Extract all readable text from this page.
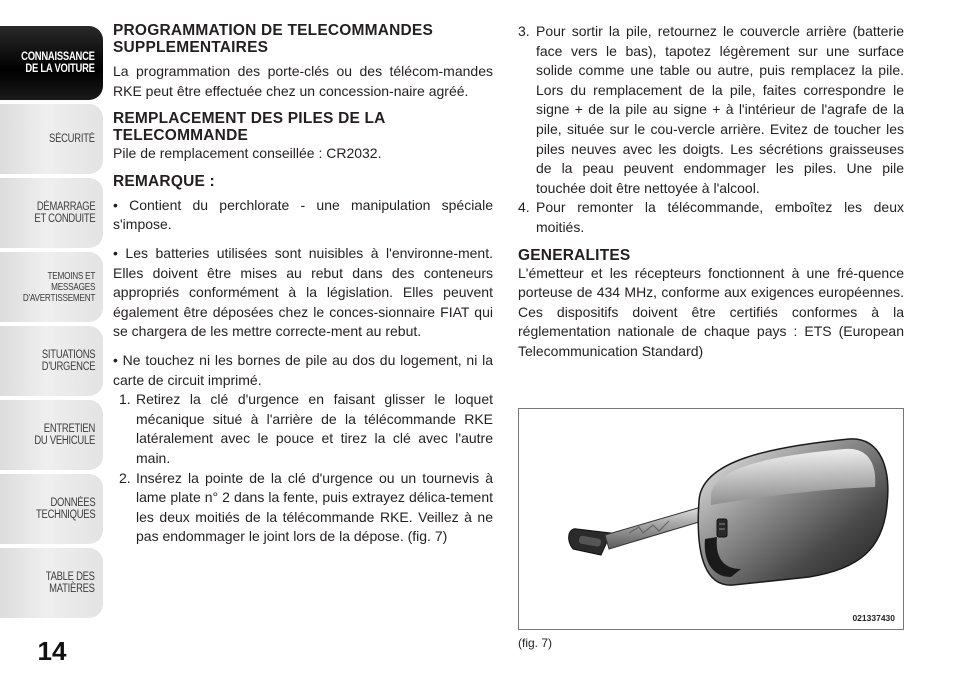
CONNAISSANCE
DE LA VOITURE
SÉCURITÉ
DÉMARRAGE
ET CONDUITE
TEMOINS ET
MESSAGES
D'AVERTISSEMENT
SITUATIONS
D'URGENCE
ENTRETIEN
DU VEHICULE
DONNÉES
TECHNIQUES
TABLE DES
MATIÈRES
14
PROGRAMMATION DE TELECOMMANDES SUPPLEMENTAIRES

La programmation des porte-clés ou des télécom-mandes RKE peut être effectuée chez un concession-naire agréé.

REMPLACEMENT DES PILES DE LA TELECOMMANDE

Pile de remplacement conseillée : CR2032.

REMARQUE :

• Contient du perchlorate - une manipulation spéciale s'impose.

• Les batteries utilisées sont nuisibles à l'environne-ment. Elles doivent être mises au rebut dans des conteneurs appropriés conformément à la législation. Elles peuvent également être déposées chez le conces-sionnaire FIAT qui se chargera de les mettre correcte-ment au rebut.

• Ne touchez ni les bornes de pile au dos du logement, ni la carte de circuit imprimé.

1. Retirez la clé d'urgence en faisant glisser le loquet mécanique situé à l'arrière de la télécommande RKE latéralement avec le pouce et tirez la clé avec l'autre main.
2. Insérez la pointe de la clé d'urgence ou un tournevis à lame plate n° 2 dans la fente, puis extrayez délica-tement les deux moitiés de la télécommande RKE. Veillez à ne pas endommager le joint lors de la dépose. (fig. 7)
3. Pour sortir la pile, retournez le couvercle arrière (batterie face vers le bas), tapotez légèrement sur une surface solide comme une table ou autre, puis remplacez la pile. Lors du remplacement de la pile, faites correspondre le signe + de la pile au signe + à l'intérieur de l'agrafe de la pile, située sur le cou-vercle arrière. Evitez de toucher les piles neuves avec les doigts. Les sécrétions graisseuses de la peau peuvent endommager les piles. Une pile touchée doit être nettoyée à l'alcool.
4. Pour remonter la télécommande, emboîtez les deux moitiés.
GENERALITES

L'émetteur et les récepteurs fonctionnent à une fré-quence porteuse de 434 MHz, conforme aux exigences européennes. Ces dispositifs doivent être certifiés conformes à la réglementation nationale de chaque pays : ETS (European Telecommunication Standard)

021337430
(fig. 7)
